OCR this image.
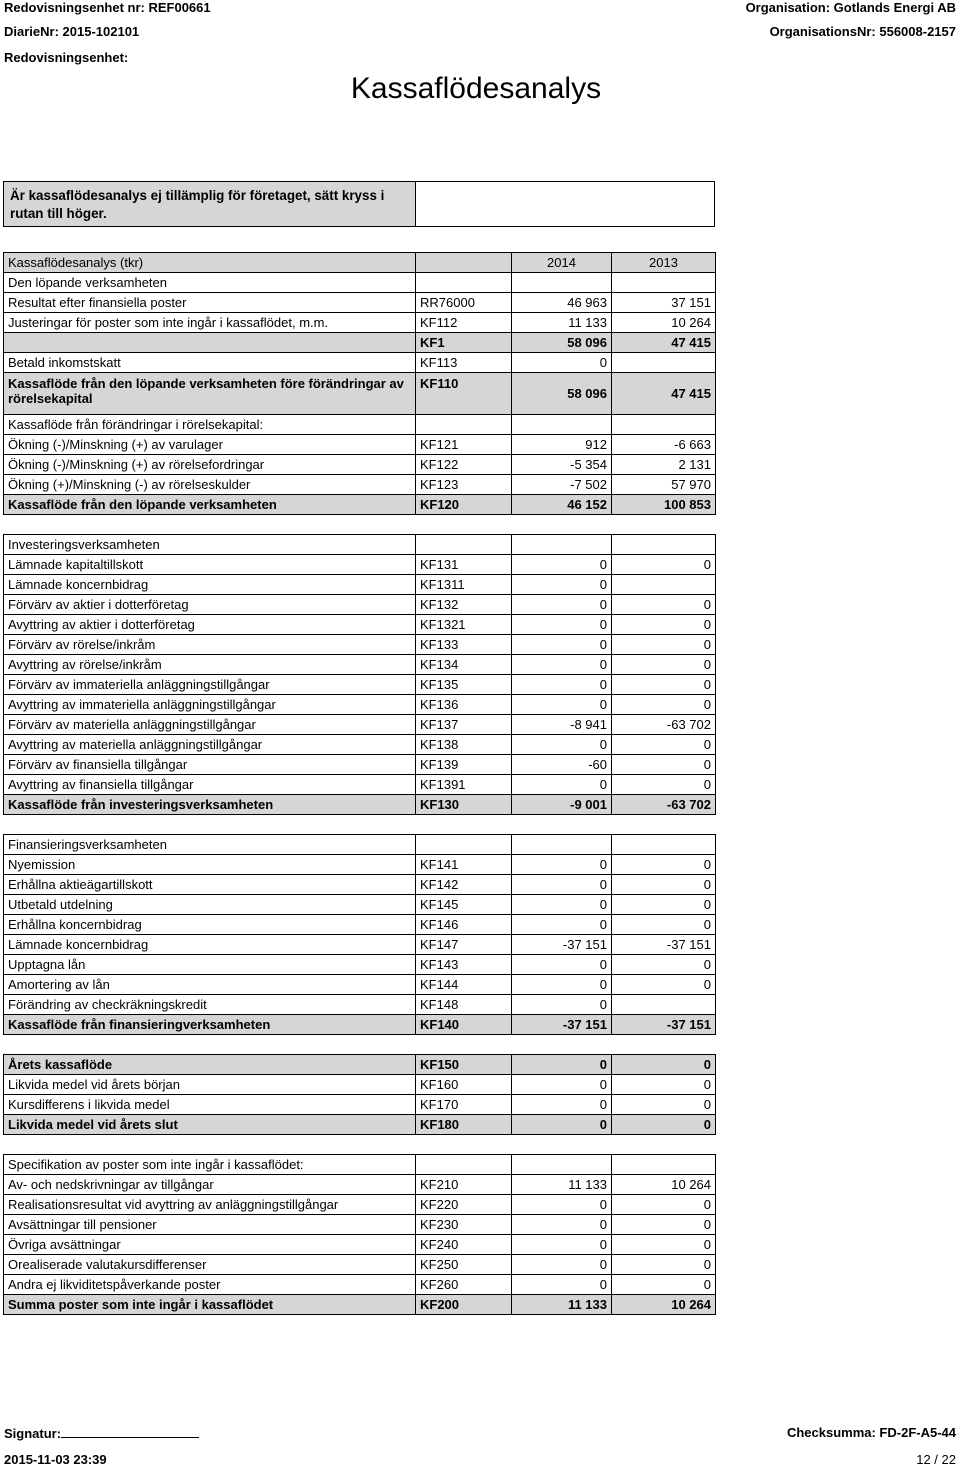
Redovisningsenhet nr: REF00661
DiarieNr: 2015-102101
Redovisningsenhet:
Organisation: Gotlands Energi AB
OrganisationsNr: 556008-2157
Kassaflödesanalys
Är kassaflödesanalys ej tillämplig för företaget, sätt kryss i rutan till höger.
Kassaflödesanalys (tkr)		2014	2013
Den löpande verksamheten			
Resultat efter finansiella poster	RR76000	46 963	37 151
Justeringar för poster som inte ingår i kassaflödet, m.m.	KF112	11 133	10 264
	KF1	58 096	47 415
Betald inkomstskatt	KF113	0	
Kassaflöde från den löpande verksamheten före förändringar av rörelsekapital	KF110	58 096	47 415
Kassaflöde från förändringar i rörelsekapital:			
Ökning (-)/Minskning (+) av varulager	KF121	912	-6 663
Ökning (-)/Minskning (+) av rörelsefordringar	KF122	-5 354	2 131
Ökning (+)/Minskning (-) av rörelseskulder	KF123	-7 502	57 970
Kassaflöde från den löpande verksamheten	KF120	46 152	100 853

Investeringsverksamheten			
Lämnade kapitaltillskott	KF131	0	0
Lämnade koncernbidrag	KF1311	0	
Förvärv av aktier i dotterföretag	KF132	0	0
Avyttring av aktier i dotterföretag	KF1321	0	0
Förvärv av rörelse/inkråm	KF133	0	0
Avyttring av rörelse/inkråm	KF134	0	0
Förvärv av immateriella anläggningstillgångar	KF135	0	0
Avyttring av immateriella anläggningstillgångar	KF136	0	0
Förvärv av materiella anläggningstillgångar	KF137	-8 941	-63 702
Avyttring av materiella anläggningstillgångar	KF138	0	0
Förvärv av finansiella tillgångar	KF139	-60	0
Avyttring av finansiella tillgångar	KF1391	0	0
Kassaflöde från investeringsverksamheten	KF130	-9 001	-63 702

Finansieringsverksamheten			
Nyemission	KF141	0	0
Erhållna aktieägartillskott	KF142	0	0
Utbetald utdelning	KF145	0	0
Erhållna koncernbidrag	KF146	0	0
Lämnade koncernbidrag	KF147	-37 151	-37 151
Upptagna lån	KF143	0	0
Amortering av lån	KF144	0	0
Förändring av checkräkningskredit	KF148	0	
Kassaflöde från finansieringverksamheten	KF140	-37 151	-37 151

Årets kassaflöde	KF150	0	0
Likvida medel vid årets början	KF160	0	0
Kursdifferens i likvida medel	KF170	0	0
Likvida medel vid årets slut	KF180	0	0

Specifikation av poster som inte ingår i kassaflödet:			
Av- och nedskrivningar av tillgångar	KF210	11 133	10 264
Realisationsresultat vid avyttring av anläggningstillgångar	KF220	0	0
Avsättningar till pensioner	KF230	0	0
Övriga avsättningar	KF240	0	0
Orealiserade valutakursdifferenser	KF250	0	0
Andra ej likviditetspåverkande poster	KF260	0	0
Summa poster som inte ingår i kassaflödet	KF200	11 133	10 264
Signatur:	Checksumma: FD-2F-A5-44
2015-11-03 23:39	12 / 22
